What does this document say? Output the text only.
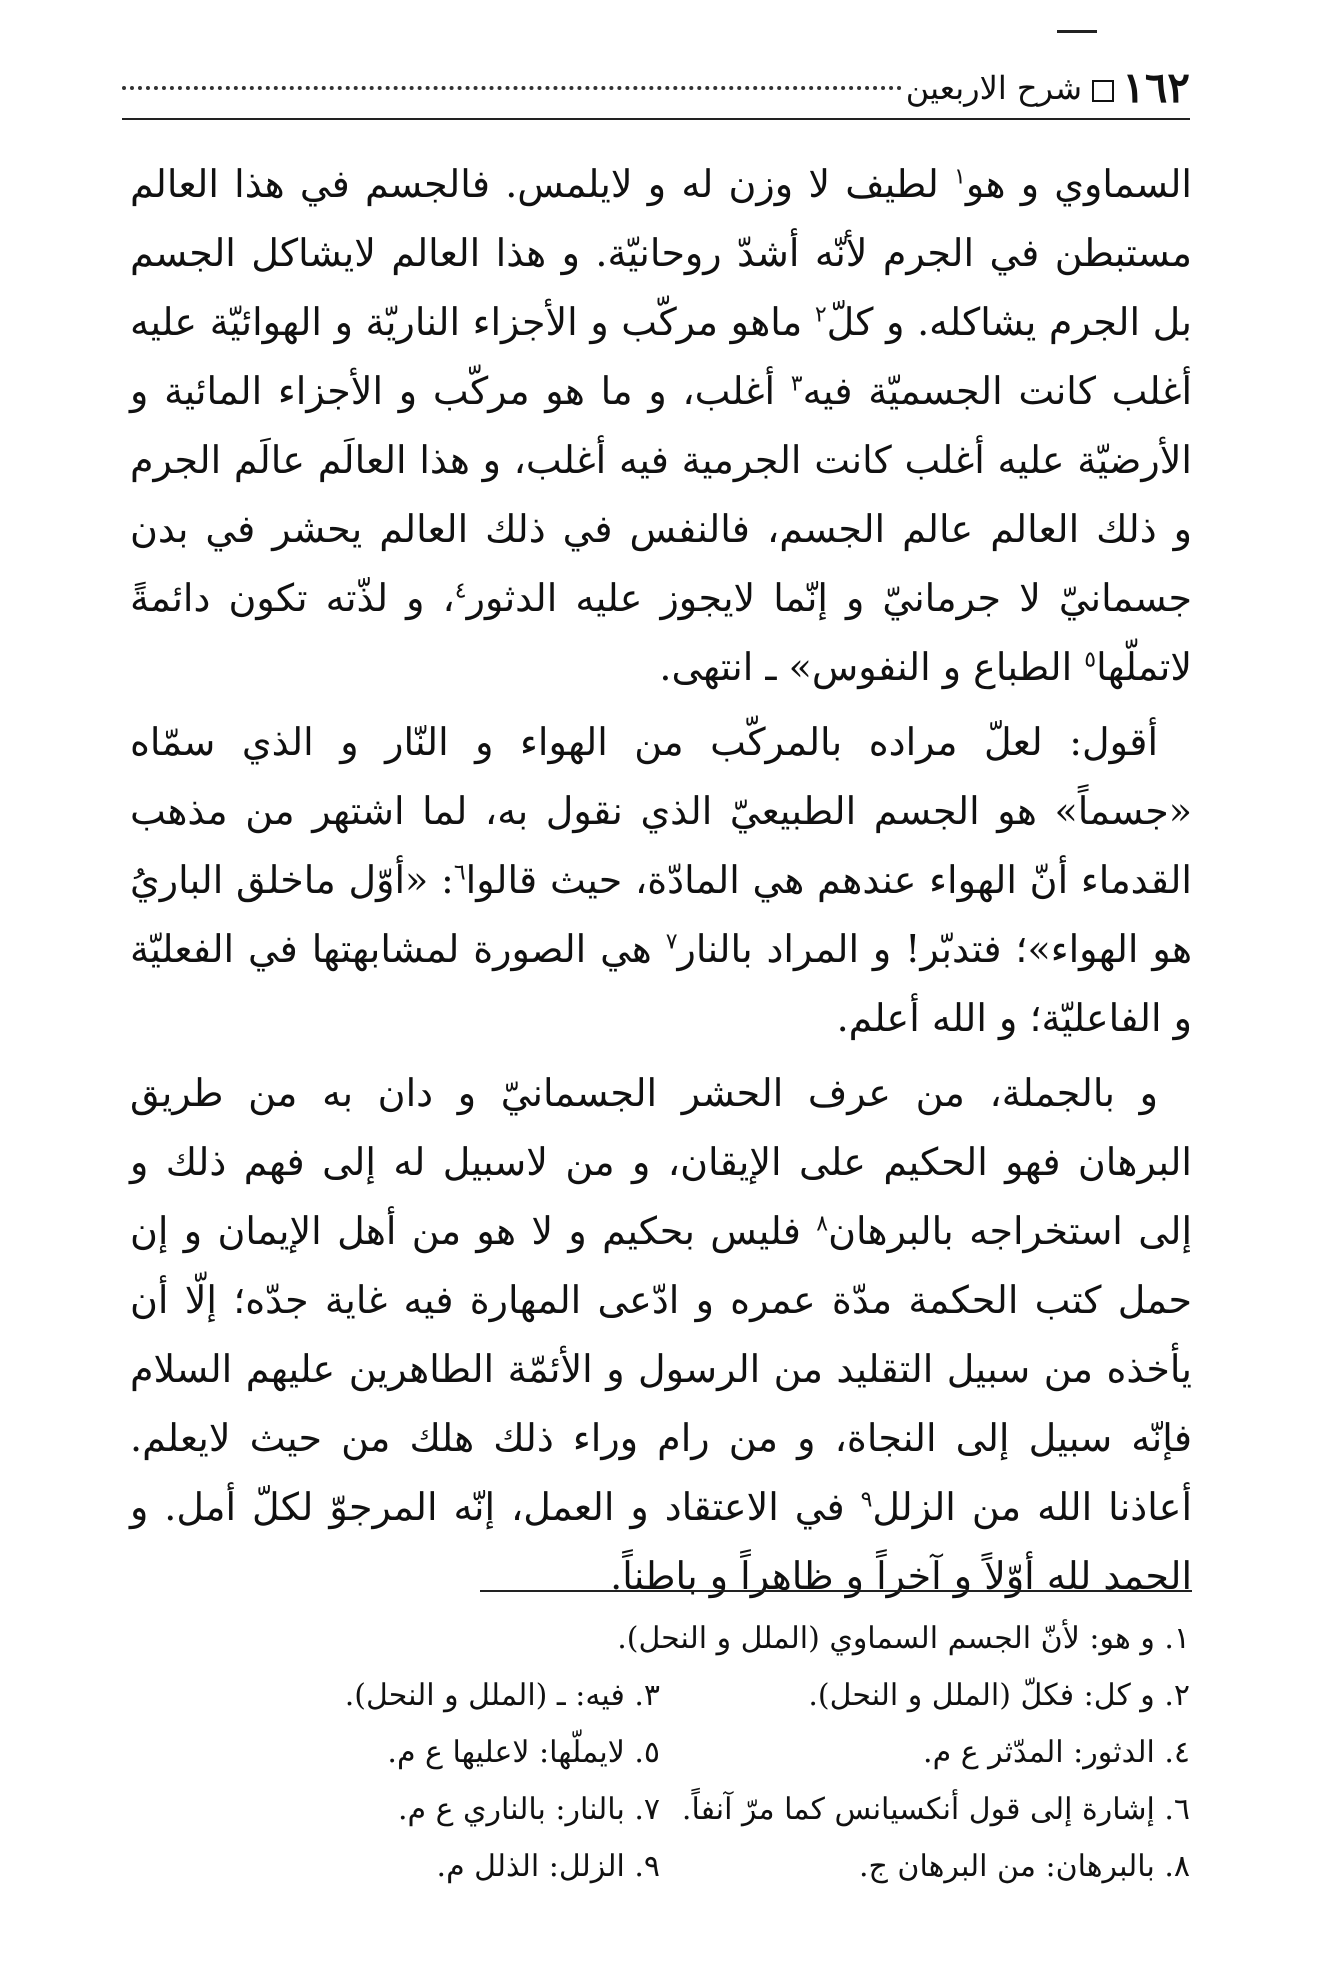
١٦٢
شرح الاربعين

السماوي و هو$^١$ لطيف لا وزن له و لايلمس. فالجسم في هذا العالم مستبطن في الجرم لأنّه أشدّ روحانيّة. و هذا العالم لايشاكل الجسم بل الجرم يشاكله. و كلّ$^٢$ ماهو مركّب و الأجزاء الناريّة و الهوائيّة عليه أغلب كانت الجسميّة فيه$^٣$ أغلب، و ما هو مركّب و الأجزاء المائية و الأرضيّة عليه أغلب كانت الجرمية فيه أغلب، و هذا العالَم عالَم الجرم و ذلك العالم عالم الجسم، فالنفس في ذلك العالم يحشر في بدن جسمانيّ لا جرمانيّ و إنّما لايجوز عليه الدثور$^٤$، و لذّته تكون دائمةً لاتملّها$^٥$ الطباع و النفوس» ـ انتهى.

أقول: لعلّ مراده بالمركّب من الهواء و النّار و الذي سمّاه «جسماً» هو الجسم الطبيعيّ الذي نقول به، لما اشتهر من مذهب القدماء أنّ الهواء عندهم هي المادّة، حيث قالوا$^٦$: «أوّل ماخلق الباريُ هو الهواء»؛ فتدبّر! و المراد بالنار$^٧$ هي الصورة لمشابهتها في الفعليّة و الفاعليّة؛ و الله أعلم.

و بالجملة، من عرف الحشر الجسمانيّ و دان به من طريق البرهان فهو الحكيم على الإيقان، و من لاسبيل له إلى فهم ذلك و إلى استخراجه بالبرهان$^٨$ فليس بحكيم و لا هو من أهل الإيمان و إن حمل كتب الحكمة مدّة عمره و ادّعى المهارة فيه غاية جدّه؛ إلّا أن يأخذه من سبيل التقليد من الرسول و الأئمّة الطاهرين عليهم السلام فإنّه سبيل إلى النجاة، و من رام وراء ذلك هلك من حيث لايعلم. أعاذنا الله من الزلل$^٩$ في الاعتقاد و العمل، إنّه المرجوّ لكلّ أمل. و الحمد لله أوّلاً و آخراً و ظاهراً و باطناً.

١. و هو: لأنّ الجسم السماوي (الملل و النحل).
٢. و كل: فكلّ (الملل و النحل).
٣. فيه: ـ (الملل و النحل).
٤. الدثور: المدّثر ع م.
٥. لايملّها: لاعليها ع م.
٦. إشارة إلى قول أنكسيانس كما مرّ آنفاً.
٧. بالنار: بالناري ع م.
٨. بالبرهان: من البرهان ج.
٩. الزلل: الذلل م.
